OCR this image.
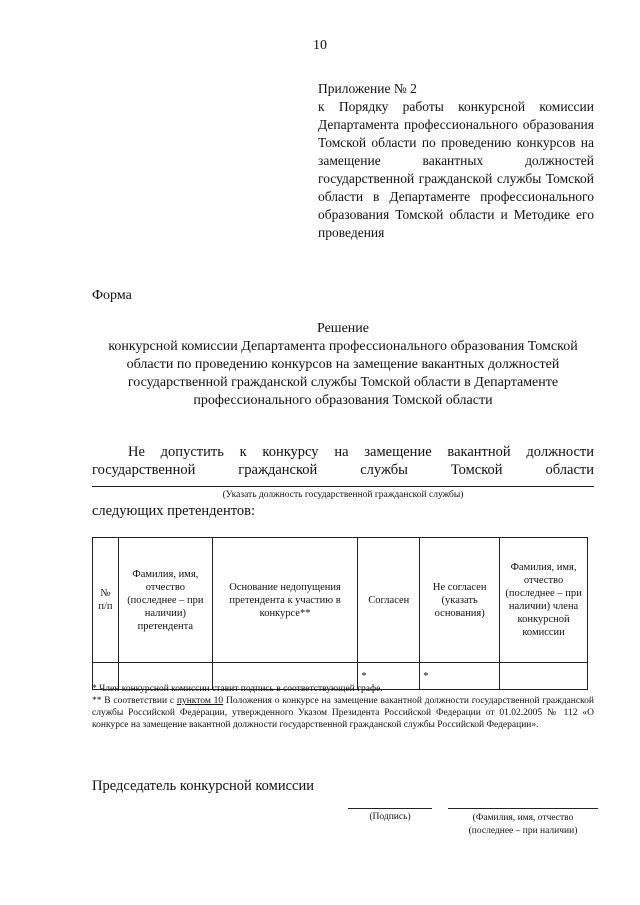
10

Приложение № 2

к Порядку работы конкурсной комиссии Департамента профессионального образования Томской области по проведению конкурсов на замещение вакантных должностей государственной гражданской службы Томской области в Департаменте профессионального образования Томской области и Методике его проведения

Форма

Решение

конкурсной комиссии Департамента профессионального образования Томской области по проведению конкурсов на замещение вакантных должностей государственной гражданской службы Томской области в Департаменте профессионального образования Томской области

Не допустить к конкурсу на замещение вакантной должности
государственной гражданской службы Томской области
(Указать должность государственной гражданской службы)
следующих претендентов:
№ п/п	Фамилия, имя, отчество (последнее – при наличии) претендента	Основание недопущения претендента к участию в конкурсе**	Согласен	Не согласен (указать основания)	Фамилия, имя, отчество (последнее – при наличии) члена конкурсной комиссии
			*	*	

* Член конкурсной комиссии ставит подпись в соответствующей графе.

** В соответствии с пунктом 10 Положения о конкурсе на замещение вакантной должности государственной гражданской службы Российской Федерации, утвержденного Указом Президента Российской Федерации от 01.02.2005 № 112 «О конкурсе на замещение вакантной должности государственной гражданской службы Российской Федерации».

Председатель конкурсной комиссии
(Подпись)	(Фамилия, имя, отчество
(последнее – при наличии)
